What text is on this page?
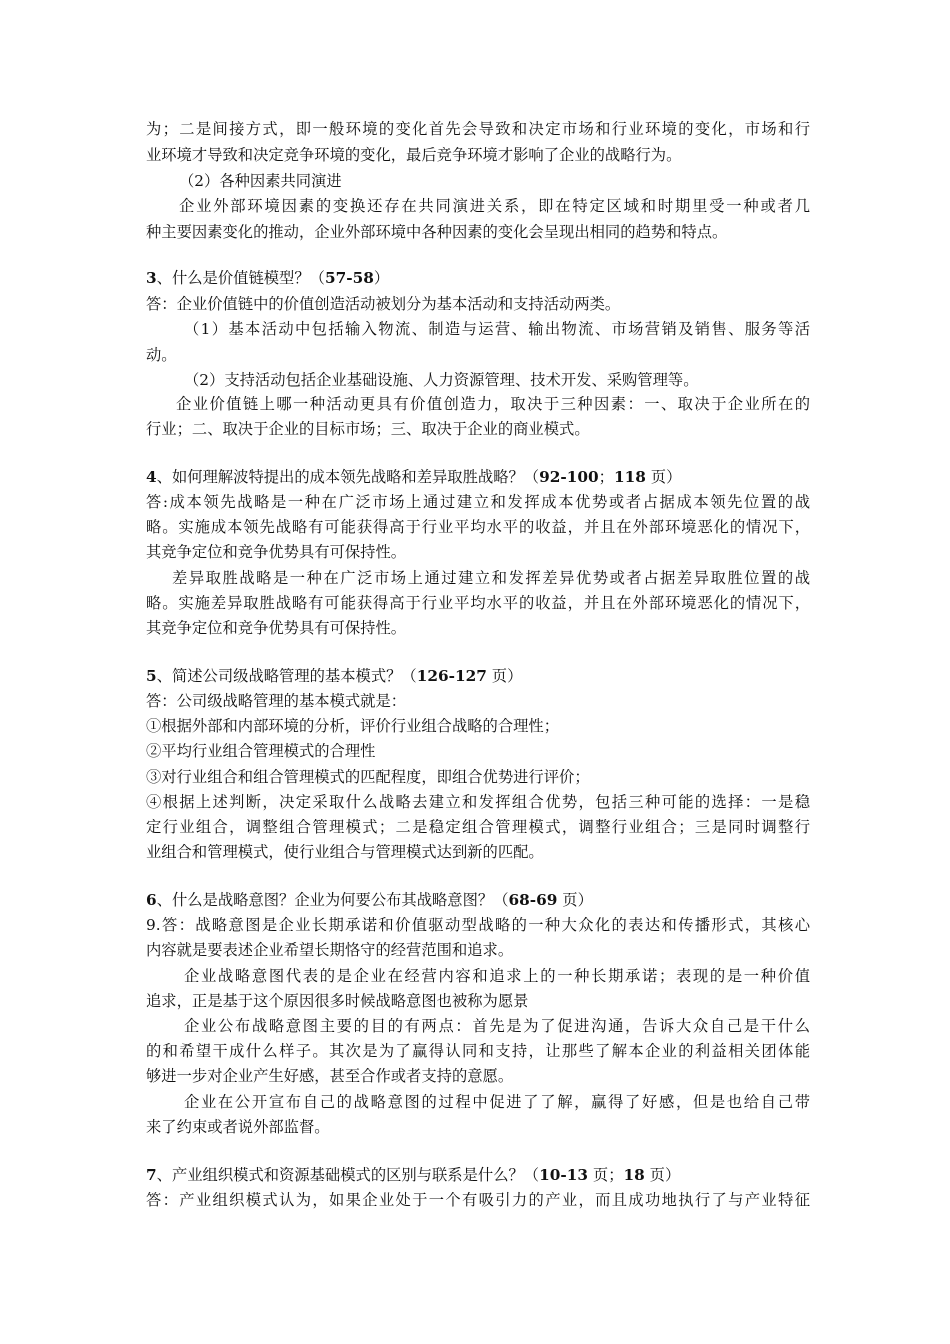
为；二是间接方式，即一般环境的变化首先会导致和决定市场和行业环境的变化，市场和行
业环境才导致和决定竞争环境的变化，最后竞争环境才影响了企业的战略行为。
（2）各种因素共同演进
企业外部环境因素的变换还存在共同演进关系，即在特定区域和时期里受一种或者几
种主要因素变化的推动，企业外部环境中各种因素的变化会呈现出相同的趋势和特点。
3、什么是价值链模型？（57-58）
答：企业价值链中的价值创造活动被划分为基本活动和支持活动两类。
（1）基本活动中包括输入物流、制造与运营、输出物流、市场营销及销售、服务等活
动。
（2）支持活动包括企业基础设施、人力资源管理、技术开发、采购管理等。
企业价值链上哪一种活动更具有价值创造力，取决于三种因素：一、取决于企业所在的
行业；二、取决于企业的目标市场；三、取决于企业的商业模式。
4、如何理解波特提出的成本领先战略和差异取胜战略？（92-100；118 页）
答:成本领先战略是一种在广泛市场上通过建立和发挥成本优势或者占据成本领先位置的战
略。实施成本领先战略有可能获得高于行业平均水平的收益，并且在外部环境恶化的情况下，
其竞争定位和竞争优势具有可保持性。
差异取胜战略是一种在广泛市场上通过建立和发挥差异优势或者占据差异取胜位置的战
略。实施差异取胜战略有可能获得高于行业平均水平的收益，并且在外部环境恶化的情况下，
其竞争定位和竞争优势具有可保持性。
5、简述公司级战略管理的基本模式？（126-127 页）
答：公司级战略管理的基本模式就是：
①根据外部和内部环境的分析，评价行业组合战略的合理性；
②平均行业组合管理模式的合理性
③对行业组合和组合管理模式的匹配程度，即组合优势进行评价；
④根据上述判断，决定采取什么战略去建立和发挥组合优势，包括三种可能的选择：一是稳
定行业组合，调整组合管理模式；二是稳定组合管理模式，调整行业组合；三是同时调整行
业组合和管理模式，使行业组合与管理模式达到新的匹配。
6、什么是战略意图？企业为何要公布其战略意图？（68-69 页）
9.答：战略意图是企业长期承诺和价值驱动型战略的一种大众化的表达和传播形式，其核心
内容就是要表述企业希望长期恪守的经营范围和追求。
企业战略意图代表的是企业在经营内容和追求上的一种长期承诺；表现的是一种价值
追求，正是基于这个原因很多时候战略意图也被称为愿景
企业公布战略意图主要的目的有两点：首先是为了促进沟通，告诉大众自己是干什么
的和希望干成什么样子。其次是为了赢得认同和支持，让那些了解本企业的利益相关团体能
够进一步对企业产生好感，甚至合作或者支持的意愿。
企业在公开宣布自己的战略意图的过程中促进了了解，赢得了好感，但是也给自己带
来了约束或者说外部监督。
7、产业组织模式和资源基础模式的区别与联系是什么？（10-13 页；18 页）
答：产业组织模式认为，如果企业处于一个有吸引力的产业，而且成功地执行了与产业特征
